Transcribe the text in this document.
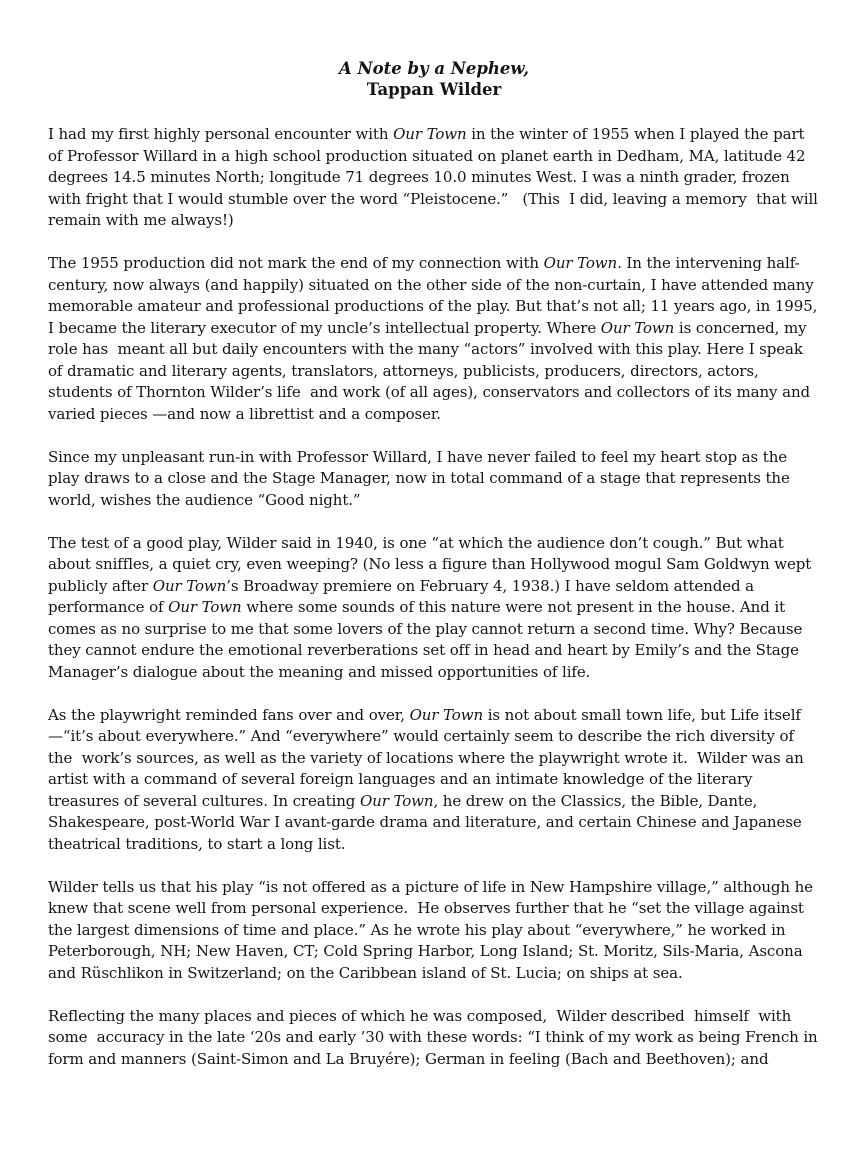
A Note by a Nephew,
Tappan Wilder

I had my first highly personal encounter with Our Town in the winter of 1955 when I played the part of Professor Willard in a high school production situated on planet earth in Dedham, MA, latitude 42 degrees 14.5 minutes North; longitude 71 degrees 10.0 minutes West. I was a ninth grader, frozen with fright that I would stumble over the word “Pleistocene.”   (This  I did, leaving a memory  that will remain with me always!)

The 1955 production did not mark the end of my connection with Our Town. In the intervening half-century, now always (and happily) situated on the other side of the non-curtain, I have attended many memorable amateur and professional productions of the play. But that’s not all; 11 years ago, in 1995, I became the literary executor of my uncle’s intellectual property. Where Our Town is concerned, my role has  meant all but daily encounters with the many “actors” involved with this play. Here I speak of dramatic and literary agents, translators, attorneys, publicists, producers, directors, actors, students of Thornton Wilder’s life  and work (of all ages), conservators and collectors of its many and varied pieces —and now a librettist and a composer.

Since my unpleasant run-in with Professor Willard, I have never failed to feel my heart stop as the play draws to a close and the Stage Manager, now in total command of a stage that represents the world, wishes the audience “Good night.”

The test of a good play, Wilder said in 1940, is one “at which the audience don’t cough.” But what about sniffles, a quiet cry, even weeping? (No less a figure than Hollywood mogul Sam Goldwyn wept publicly after Our Town’s Broadway premiere on February 4, 1938.) I have seldom attended a performance of Our Town where some sounds of this nature were not present in the house. And it comes as no surprise to me that some lovers of the play cannot return a second time. Why? Because they cannot endure the emotional reverberations set off in head and heart by Emily’s and the Stage Manager’s dialogue about the meaning and missed opportunities of life.

As the playwright reminded fans over and over, Our Town is not about small town life, but Life itself—“it’s about everywhere.” And “everywhere” would certainly seem to describe the rich diversity of the  work’s sources, as well as the variety of locations where the playwright wrote it.  Wilder was an artist with a command of several foreign languages and an intimate knowledge of the literary treasures of several cultures. In creating Our Town, he drew on the Classics, the Bible, Dante, Shakespeare, post-World War I avant-garde drama and literature, and certain Chinese and Japanese theatrical traditions, to start a long list.

Wilder tells us that his play “is not offered as a picture of life in New Hampshire village,” although he knew that scene well from personal experience.  He observes further that he “set the village against the largest dimensions of time and place.” As he wrote his play about “everywhere,” he worked in Peterborough, NH; New Haven, CT; Cold Spring Harbor, Long Island; St. Moritz, Sils-Maria, Ascona and Rüschlikon in Switzerland; on the Caribbean island of St. Lucia; on ships at sea.

Reflecting the many places and pieces of which he was composed,  Wilder described  himself  with some  accuracy in the late ‘20s and early ’30 with these words: “I think of my work as being French in form and manners (Saint-Simon and La Bruyére); German in feeling (Bach and Beethoven); and
